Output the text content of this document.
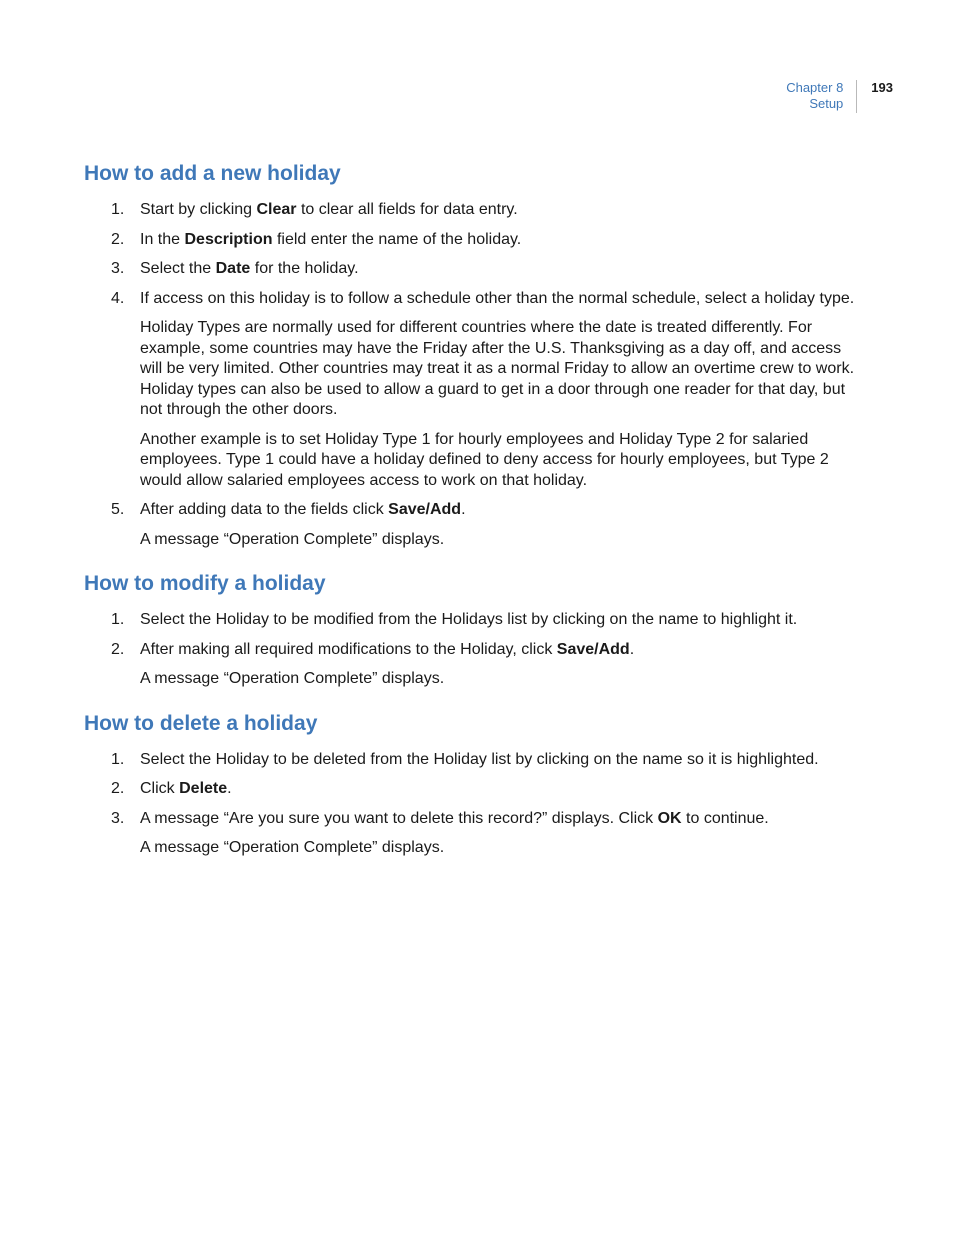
Chapter 8
Setup
193
How to add a new holiday
1. Start by clicking Clear to clear all fields for data entry.
2. In the Description field enter the name of the holiday.
3. Select the Date for the holiday.
4. If access on this holiday is to follow a schedule other than the normal schedule, select a holiday type.

Holiday Types are normally used for different countries where the date is treated differently. For example, some countries may have the Friday after the U.S. Thanksgiving as a day off, and access will be very limited. Other countries may treat it as a normal Friday to allow an overtime crew to work. Holiday types can also be used to allow a guard to get in a door through one reader for that day, but not through the other doors.

Another example is to set Holiday Type 1 for hourly employees and Holiday Type 2 for salaried employees. Type 1 could have a holiday defined to deny access for hourly employees, but Type 2 would allow salaried employees access to work on that holiday.

5. After adding data to the fields click Save/Add.

A message “Operation Complete” displays.

How to modify a holiday
1. Select the Holiday to be modified from the Holidays list by clicking on the name to highlight it.
2. After making all required modifications to the Holiday, click Save/Add.

A message “Operation Complete” displays.

How to delete a holiday
1. Select the Holiday to be deleted from the Holiday list by clicking on the name so it is highlighted.
2. Click Delete.
3. A message “Are you sure you want to delete this record?” displays. Click OK to continue.

A message “Operation Complete” displays.
